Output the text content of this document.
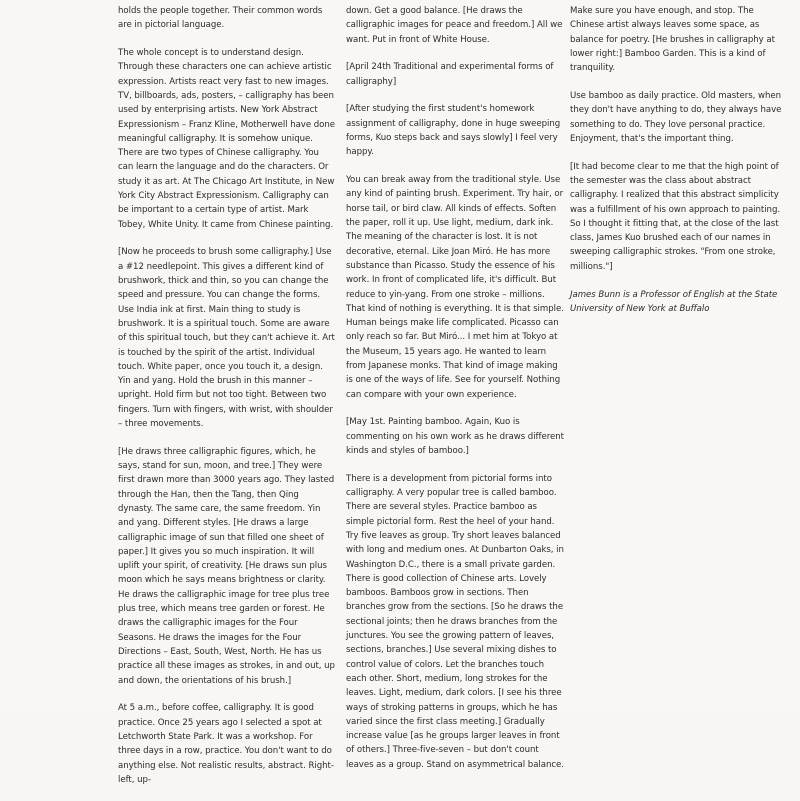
holds the people together. Their common words are in pictorial language.

The whole concept is to understand design. Through these characters one can achieve artistic expression. Artists react very fast to new images. TV, billboards, ads, posters, – calligraphy has been used by enterprising artists. New York Abstract Expressionism – Franz Kline, Motherwell have done meaningful calligraphy. It is somehow unique. There are two types of Chinese calligraphy. You can learn the language and do the characters. Or study it as art. At The Chicago Art Institute, in New York City Abstract Expressionism. Calligraphy can be important to a certain type of artist. Mark Tobey, White Unity. It came from Chinese painting.

[Now he proceeds to brush some calligraphy.] Use a #12 needlepoint. This gives a different kind of brushwork, thick and thin, so you can change the speed and pressure. You can change the forms. Use India ink at first. Main thing to study is brushwork. It is a spiritual touch. Some are aware of this spiritual touch, but they can't achieve it. Art is touched by the spirit of the artist. Individual touch. White paper, once you touch it, a design. Yin and yang. Hold the brush in this manner – upright. Hold firm but not too tight. Between two fingers. Turn with fingers, with wrist, with shoulder – three movements.

[He draws three calligraphic figures, which, he says, stand for sun, moon, and tree.] They were first drawn more than 3000 years ago. They lasted through the Han, then the Tang, then Qing dynasty. The same care, the same freedom. Yin and yang. Different styles. [He draws a large calligraphic image of sun that filled one sheet of paper.] It gives you so much inspiration. It will uplift your spirit, of creativity. [He draws sun plus moon which he says means brightness or clarity. He draws the calligraphic image for tree plus tree plus tree, which means tree garden or forest. He draws the calligraphic images for the Four Seasons. He draws the images for the Four Directions – East, South, West, North. He has us practice all these images as strokes, in and out, up and down, the orientations of his brush.]

At 5 a.m., before coffee, calligraphy. It is good practice. Once 25 years ago I selected a spot at Letchworth State Park. It was a workshop. For three days in a row, practice. You don't want to do anything else. Not realistic results, abstract. Right-left, up-

down. Get a good balance. [He draws the calligraphic images for peace and freedom.] All we want. Put in front of White House.

[April 24th Traditional and experimental forms of calligraphy]

[After studying the first student's homework assignment of calligraphy, done in huge sweeping forms, Kuo steps back and says slowly] I feel very happy.

You can break away from the traditional style. Use any kind of painting brush. Experiment. Try hair, or horse tail, or bird claw. All kinds of effects. Soften the paper, roll it up. Use light, medium, dark ink. The meaning of the character is lost. It is not decorative, eternal. Like Joan Miró. He has more substance than Picasso. Study the essence of his work. In front of complicated life, it's difficult. But reduce to yin-yang. From one stroke – millions. That kind of nothing is everything. It is that simple. Human beings make life complicated. Picasso can only reach so far. But Miró... I met him at Tokyo at the Museum, 15 years ago. He wanted to learn from Japanese monks. That kind of image making is one of the ways of life. See for yourself. Nothing can compare with your own experience.

[May 1st. Painting bamboo. Again, Kuo is commenting on his own work as he draws different kinds and styles of bamboo.]

There is a development from pictorial forms into calligraphy. A very popular tree is called bamboo. There are several styles. Practice bamboo as simple pictorial form. Rest the heel of your hand. Try five leaves as group. Try short leaves balanced with long and medium ones. At Dunbarton Oaks, in Washington D.C., there is a small private garden. There is good collection of Chinese arts. Lovely bamboos. Bamboos grow in sections. Then branches grow from the sections. [So he draws the sectional joints; then he draws branches from the junctures. You see the growing pattern of leaves, sections, branches.] Use several mixing dishes to control value of colors. Let the branches touch each other. Short, medium, long strokes for the leaves. Light, medium, dark colors. [I see his three ways of stroking patterns in groups, which he has varied since the first class meeting.] Gradually increase value [as he groups larger leaves in front of others.] Three-five-seven – but don't count leaves as a group. Stand on asymmetrical balance.

Make sure you have enough, and stop. The Chinese artist always leaves some space, as balance for poetry. [He brushes in calligraphy at lower right:] Bamboo Garden. This is a kind of tranquility.

Use bamboo as daily practice. Old masters, when they don't have anything to do, they always have something to do. They love personal practice. Enjoyment, that's the important thing.

[It had become clear to me that the high point of the semester was the class about abstract calligraphy. I realized that this abstract simplicity was a fulfillment of his own approach to painting. So I thought it fitting that, at the close of the last class, James Kuo brushed each of our names in sweeping calligraphic strokes. "From one stroke, millions."]

James Bunn is a Professor of English at the State University of New York at Buffalo
